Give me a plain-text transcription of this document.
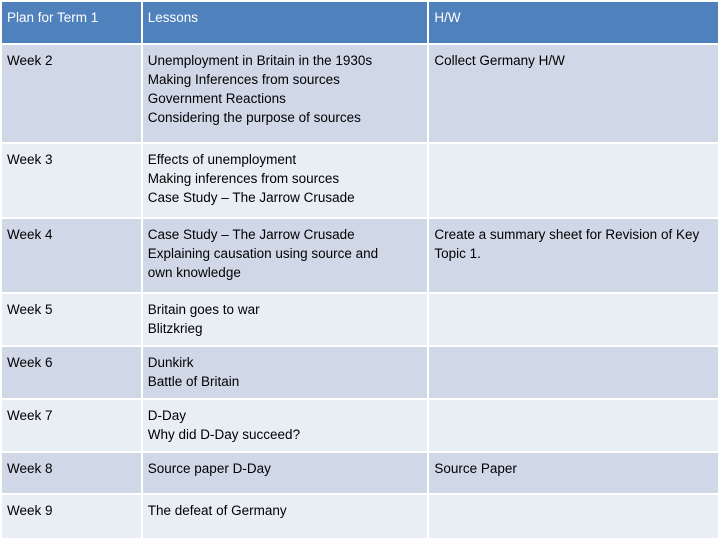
Plan for Term 1	Lessons	H/W
Week 2	Unemployment in Britain in the 1930s
Making Inferences from sources
Government Reactions
Considering the purpose of sources	Collect Germany H/W
Week 3	Effects of unemployment
Making inferences from sources
Case Study – The Jarrow Crusade	

Week 4	Case Study – The Jarrow Crusade
Explaining causation using source and
own knowledge	Create a summary sheet for Revision of Key Topic 1.
Week 5	Britain goes to war
Blitzkrieg	

Week 6	Dunkirk
Battle of Britain	

Week 7	D-Day
Why did D-Day succeed?	

Week 8	Source paper D-Day	Source Paper
Week 9	The defeat of Germany	
